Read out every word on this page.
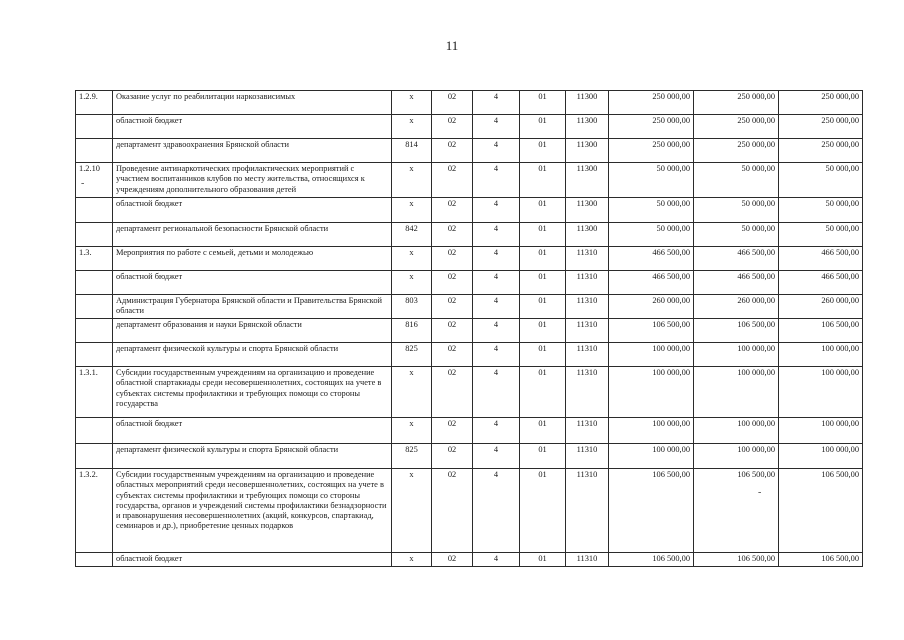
11
1.2.9.	Оказание услуг по реабилитации наркозависимых	х	02	4	01	11300	250 000,00	250 000,00	250 000,00
	областной бюджет	х	02	4	01	11300	250 000,00	250 000,00	250 000,00
	департамент здравоохранения Брянской области	814	02	4	01	11300	250 000,00	250 000,00	250 000,00
1.2.10	Проведение антинаркотических профилактических мероприятий с участием воспитанников клубов по месту жительства, относящихся к учреждениям дополнительного образования детей	х	02	4	01	11300	50 000,00	50 000,00	50 000,00
	областной бюджет	х	02	4	01	11300	50 000,00	50 000,00	50 000,00
	департамент региональной безопасности Брянской области	842	02	4	01	11300	50 000,00	50 000,00	50 000,00
1.3.	Мероприятия по работе с семьей, детьми и молодежью	х	02	4	01	11310	466 500,00	466 500,00	466 500,00
	областной бюджет	х	02	4	01	11310	466 500,00	466 500,00	466 500,00
	Администрация Губернатора Брянской области и Правительства Брянской области	803	02	4	01	11310	260 000,00	260 000,00	260 000,00
	департамент образования и науки Брянской области	816	02	4	01	11310	106 500,00	106 500,00	106 500,00
	департамент физической культуры и спорта Брянской области	825	02	4	01	11310	100 000,00	100 000,00	100 000,00
1.3.1.	Субсидии государственным учреждениям на организацию и проведение областной спартакиады среди несовершеннолетних, состоящих на учете в субъектах системы профилактики и требующих помощи со стороны государства	х	02	4	01	11310	100 000,00	100 000,00	100 000,00
	областной бюджет	х	02	4	01	11310	100 000,00	100 000,00	100 000,00
	департамент физической культуры и спорта Брянской области	825	02	4	01	11310	100 000,00	100 000,00	100 000,00
1.3.2.	Субсидии государственным учреждениям на организацию и проведение областных мероприятий среди несовершеннолетних, состоящих на учете в субъектах системы профилактики и требующих помощи со стороны государства, органов и учреждений системы профилактики безнадзорности и правонарушения несовершеннолетних (акций, конкурсов, спартакиад, семинаров и др.), приобретение ценных подарков	х	02	4	01	11310	106 500,00	106 500,00	106 500,00
	областной бюджет	х	02	4	01	11310	106 500,00	106 500,00	106 500,00
-
-
